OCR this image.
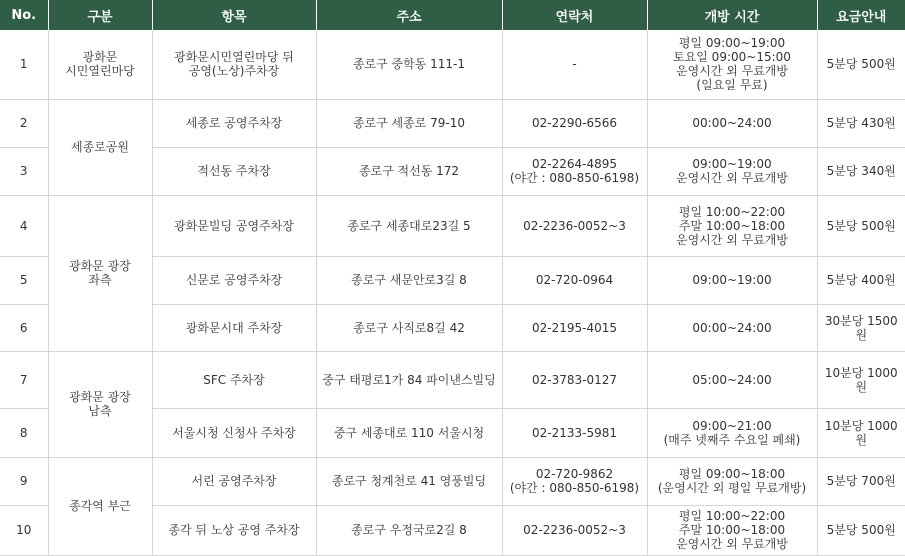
No.	구분	항목	주소	연락처	개방 시간	요금안내
1	광화문
시민열린마당	광화문시민열린마당 뒤
공영(노상)주차장	종로구 중학동 111-1	-	평일 09:00~19:00
토요일 09:00~15:00
운영시간 외 무료개방
(일요일 무료)	5분당 500원
2	세종로공원	세종로 공영주차장	종로구 세종로 79-10	02-2290-6566	00:00~24:00	5분당 430원
3		적선동 주차장	종로구 적선동 172	02-2264-4895
(야간 : 080-850-6198)	09:00~19:00
운영시간 외 무료개방	5분당 340원
4	광화문 광장
좌측	광화문빌딩 공영주차장	종로구 세종대로23길 5	02-2236-0052~3	평일 10:00~22:00
주말 10:00~18:00
운영시간 외 무료개방	5분당 500원
5		신문로 공영주차장	종로구 새문안로3길 8	02-720-0964	09:00~19:00	5분당 400원
6		광화문시대 주차장	종로구 사직로8길 42	02-2195-4015	00:00~24:00	30분당 1500원
7	광화문 광장
남측	SFC 주차장	중구 태평로1가 84 파이낸스빌딩	02-3783-0127	05:00~24:00	10분당 1000원
8		서울시청 신청사 주차장	중구 세종대로 110 서울시청	02-2133-5981	09:00~21:00
(매주 넷째주 수요일 폐쇄)	10분당 1000원
9	종각역 부근	서린 공영주차장	종로구 청계천로 41 영풍빌딩	02-720-9862
(야간 : 080-850-6198)	평일 09:00~18:00
(운영시간 외 평일 무료개방)	5분당 700원
10		종각 뒤 노상 공영 주차장	종로구 우정국로2길 8	02-2236-0052~3	평일 10:00~22:00
주말 10:00~18:00
운영시간 외 무료개방	5분당 500원
